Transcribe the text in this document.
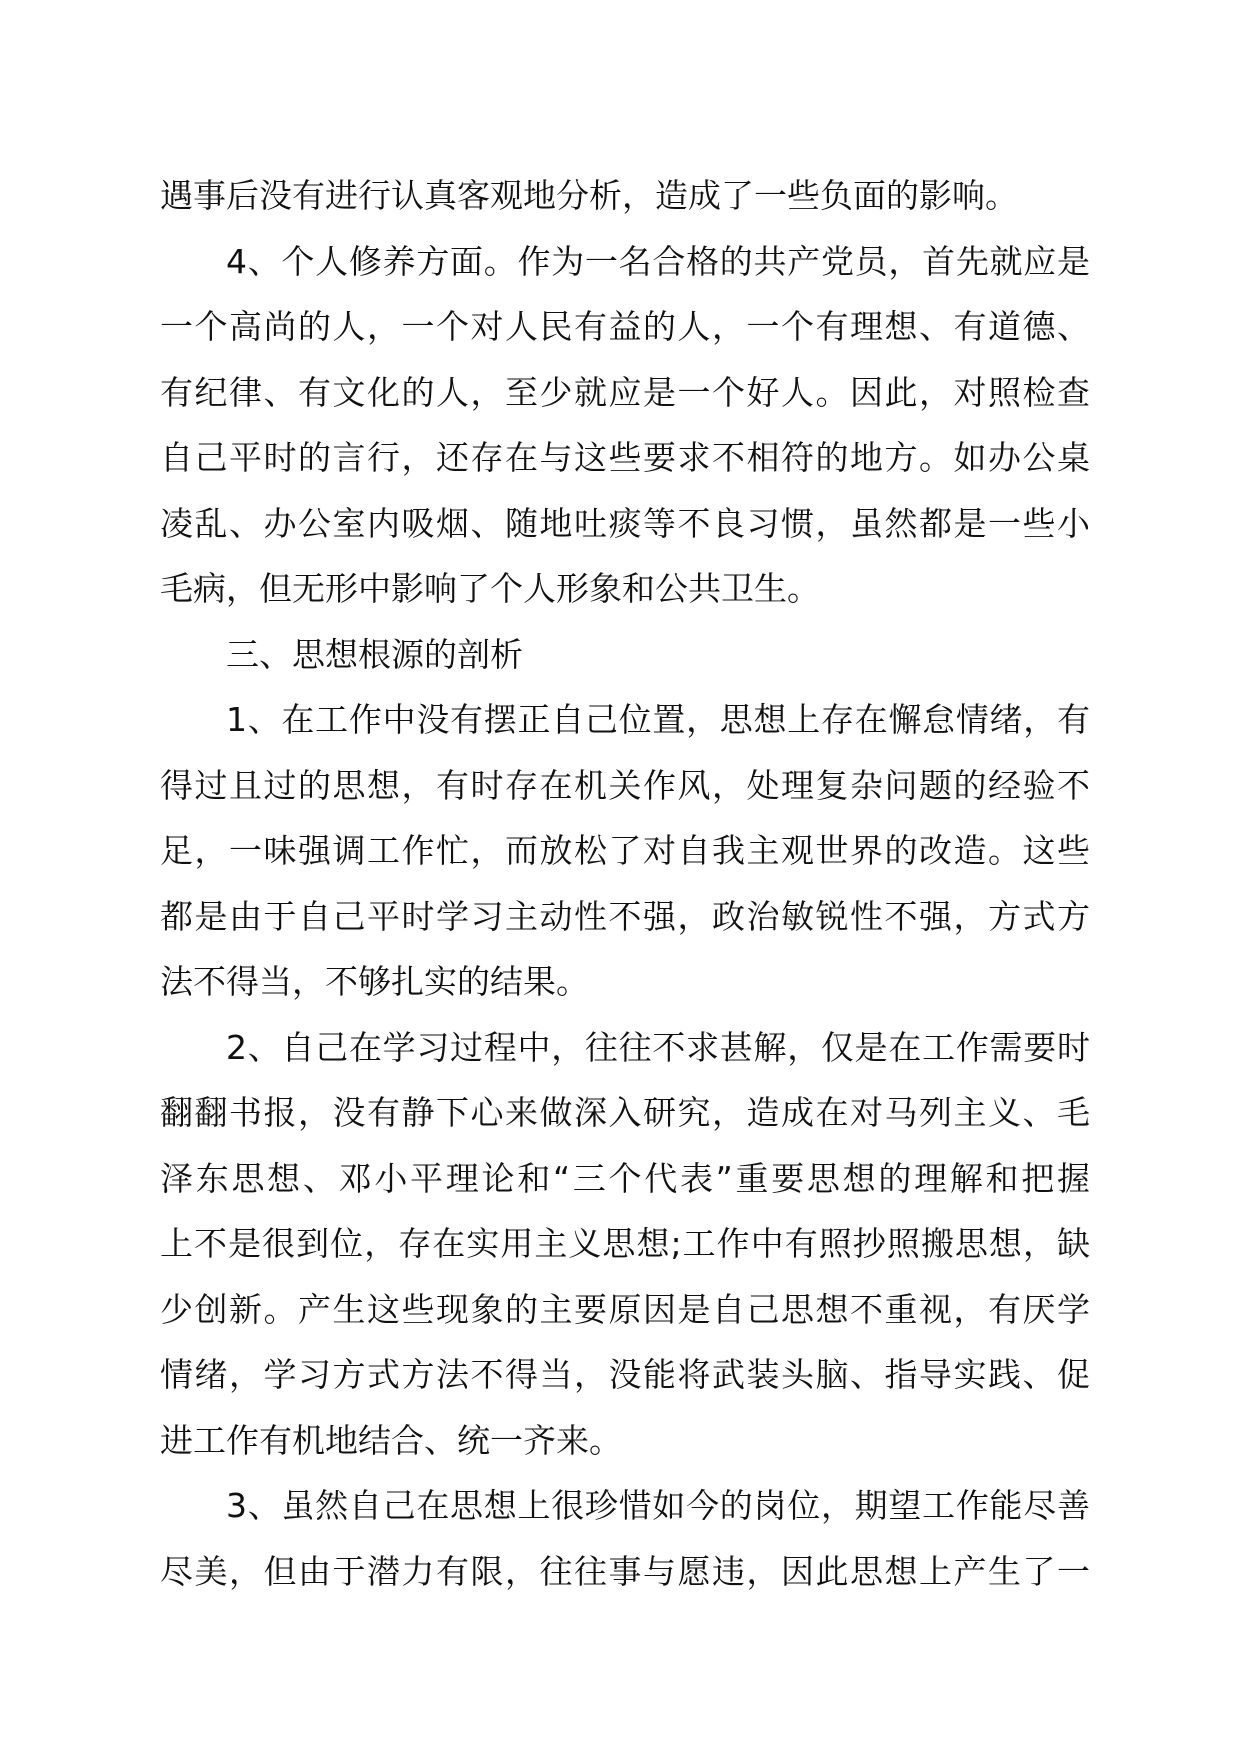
遇事后没有进行认真客观地分析，造成了一些负面的影响。
4、个人修养方面。作为一名合格的共产党员，首先就应是
一个高尚的人，一个对人民有益的人，一个有理想、有道德、
有纪律、有文化的人，至少就应是一个好人。因此，对照检查
自己平时的言行，还存在与这些要求不相符的地方。如办公桌
凌乱、办公室内吸烟、随地吐痰等不良习惯，虽然都是一些小
毛病，但无形中影响了个人形象和公共卫生。
三、思想根源的剖析
1、在工作中没有摆正自己位置，思想上存在懈怠情绪，有
得过且过的思想，有时存在机关作风，处理复杂问题的经验不
足，一味强调工作忙，而放松了对自我主观世界的改造。这些
都是由于自己平时学习主动性不强，政治敏锐性不强，方式方
法不得当，不够扎实的结果。
2、自己在学习过程中，往往不求甚解，仅是在工作需要时
翻翻书报，没有静下心来做深入研究，造成在对马列主义、毛
泽东思想、邓小平理论和“三个代表”重要思想的理解和把握
上不是很到位，存在实用主义思想;工作中有照抄照搬思想，缺
少创新。产生这些现象的主要原因是自己思想不重视，有厌学
情绪，学习方式方法不得当，没能将武装头脑、指导实践、促
进工作有机地结合、统一齐来。
3、虽然自己在思想上很珍惜如今的岗位，期望工作能尽善
尽美，但由于潜力有限，往往事与愿违，因此思想上产生了一
